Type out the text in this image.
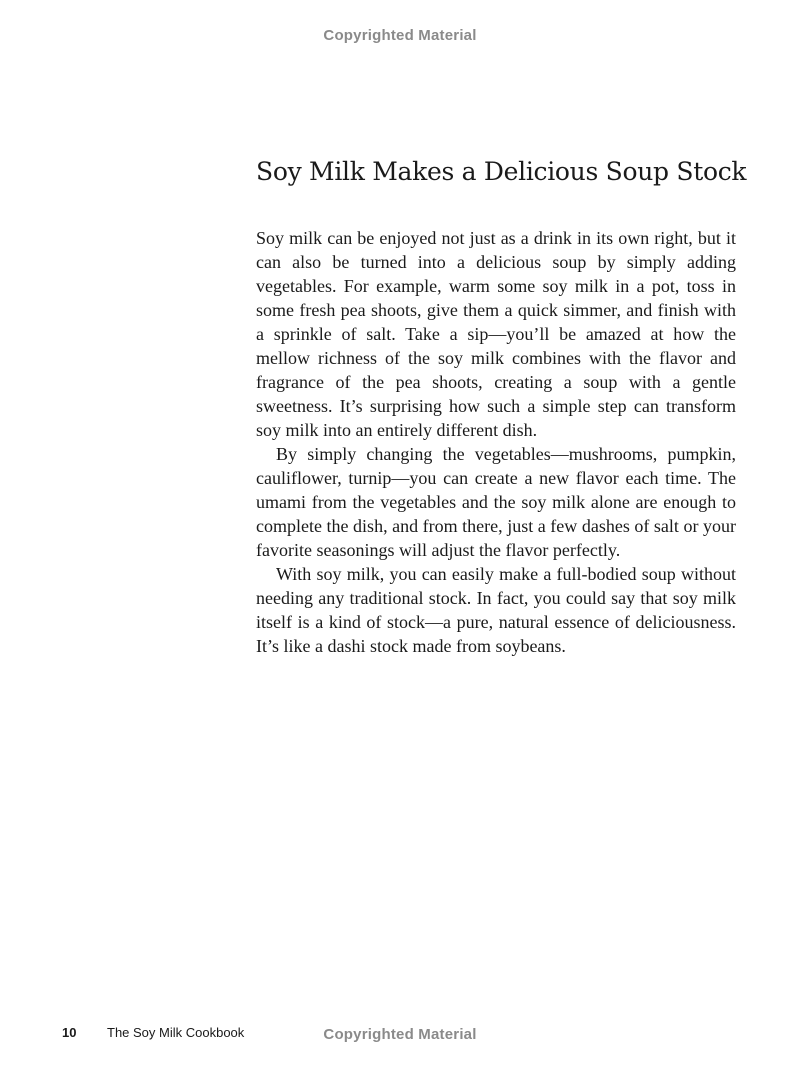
Copyrighted Material
Soy Milk Makes a Delicious Soup Stock

Soy milk can be enjoyed not just as a drink in its own right, but it can also be turned into a delicious soup by simply adding vegetables. For example, warm some soy milk in a pot, toss in some fresh pea shoots, give them a quick simmer, and finish with a sprinkle of salt. Take a sip—you’ll be amazed at how the mellow richness of the soy milk combines with the flavor and fragrance of the pea shoots, creating a soup with a gentle sweetness. It’s surprising how such a simple step can transform soy milk into an entirely different dish.

By simply changing the vegetables—mushrooms, pumpkin, cauliflower, turnip—you can create a new flavor each time. The umami from the vegetables and the soy milk alone are enough to complete the dish, and from there, just a few dashes of salt or your favorite seasonings will adjust the flavor perfectly.

With soy milk, you can easily make a full-bodied soup without needing any traditional stock. In fact, you could say that soy milk itself is a kind of stock—a pure, natural essence of deliciousness. It’s like a dashi stock made from soybeans.

10 The Soy Milk Cookbook	Copyrighted Material
